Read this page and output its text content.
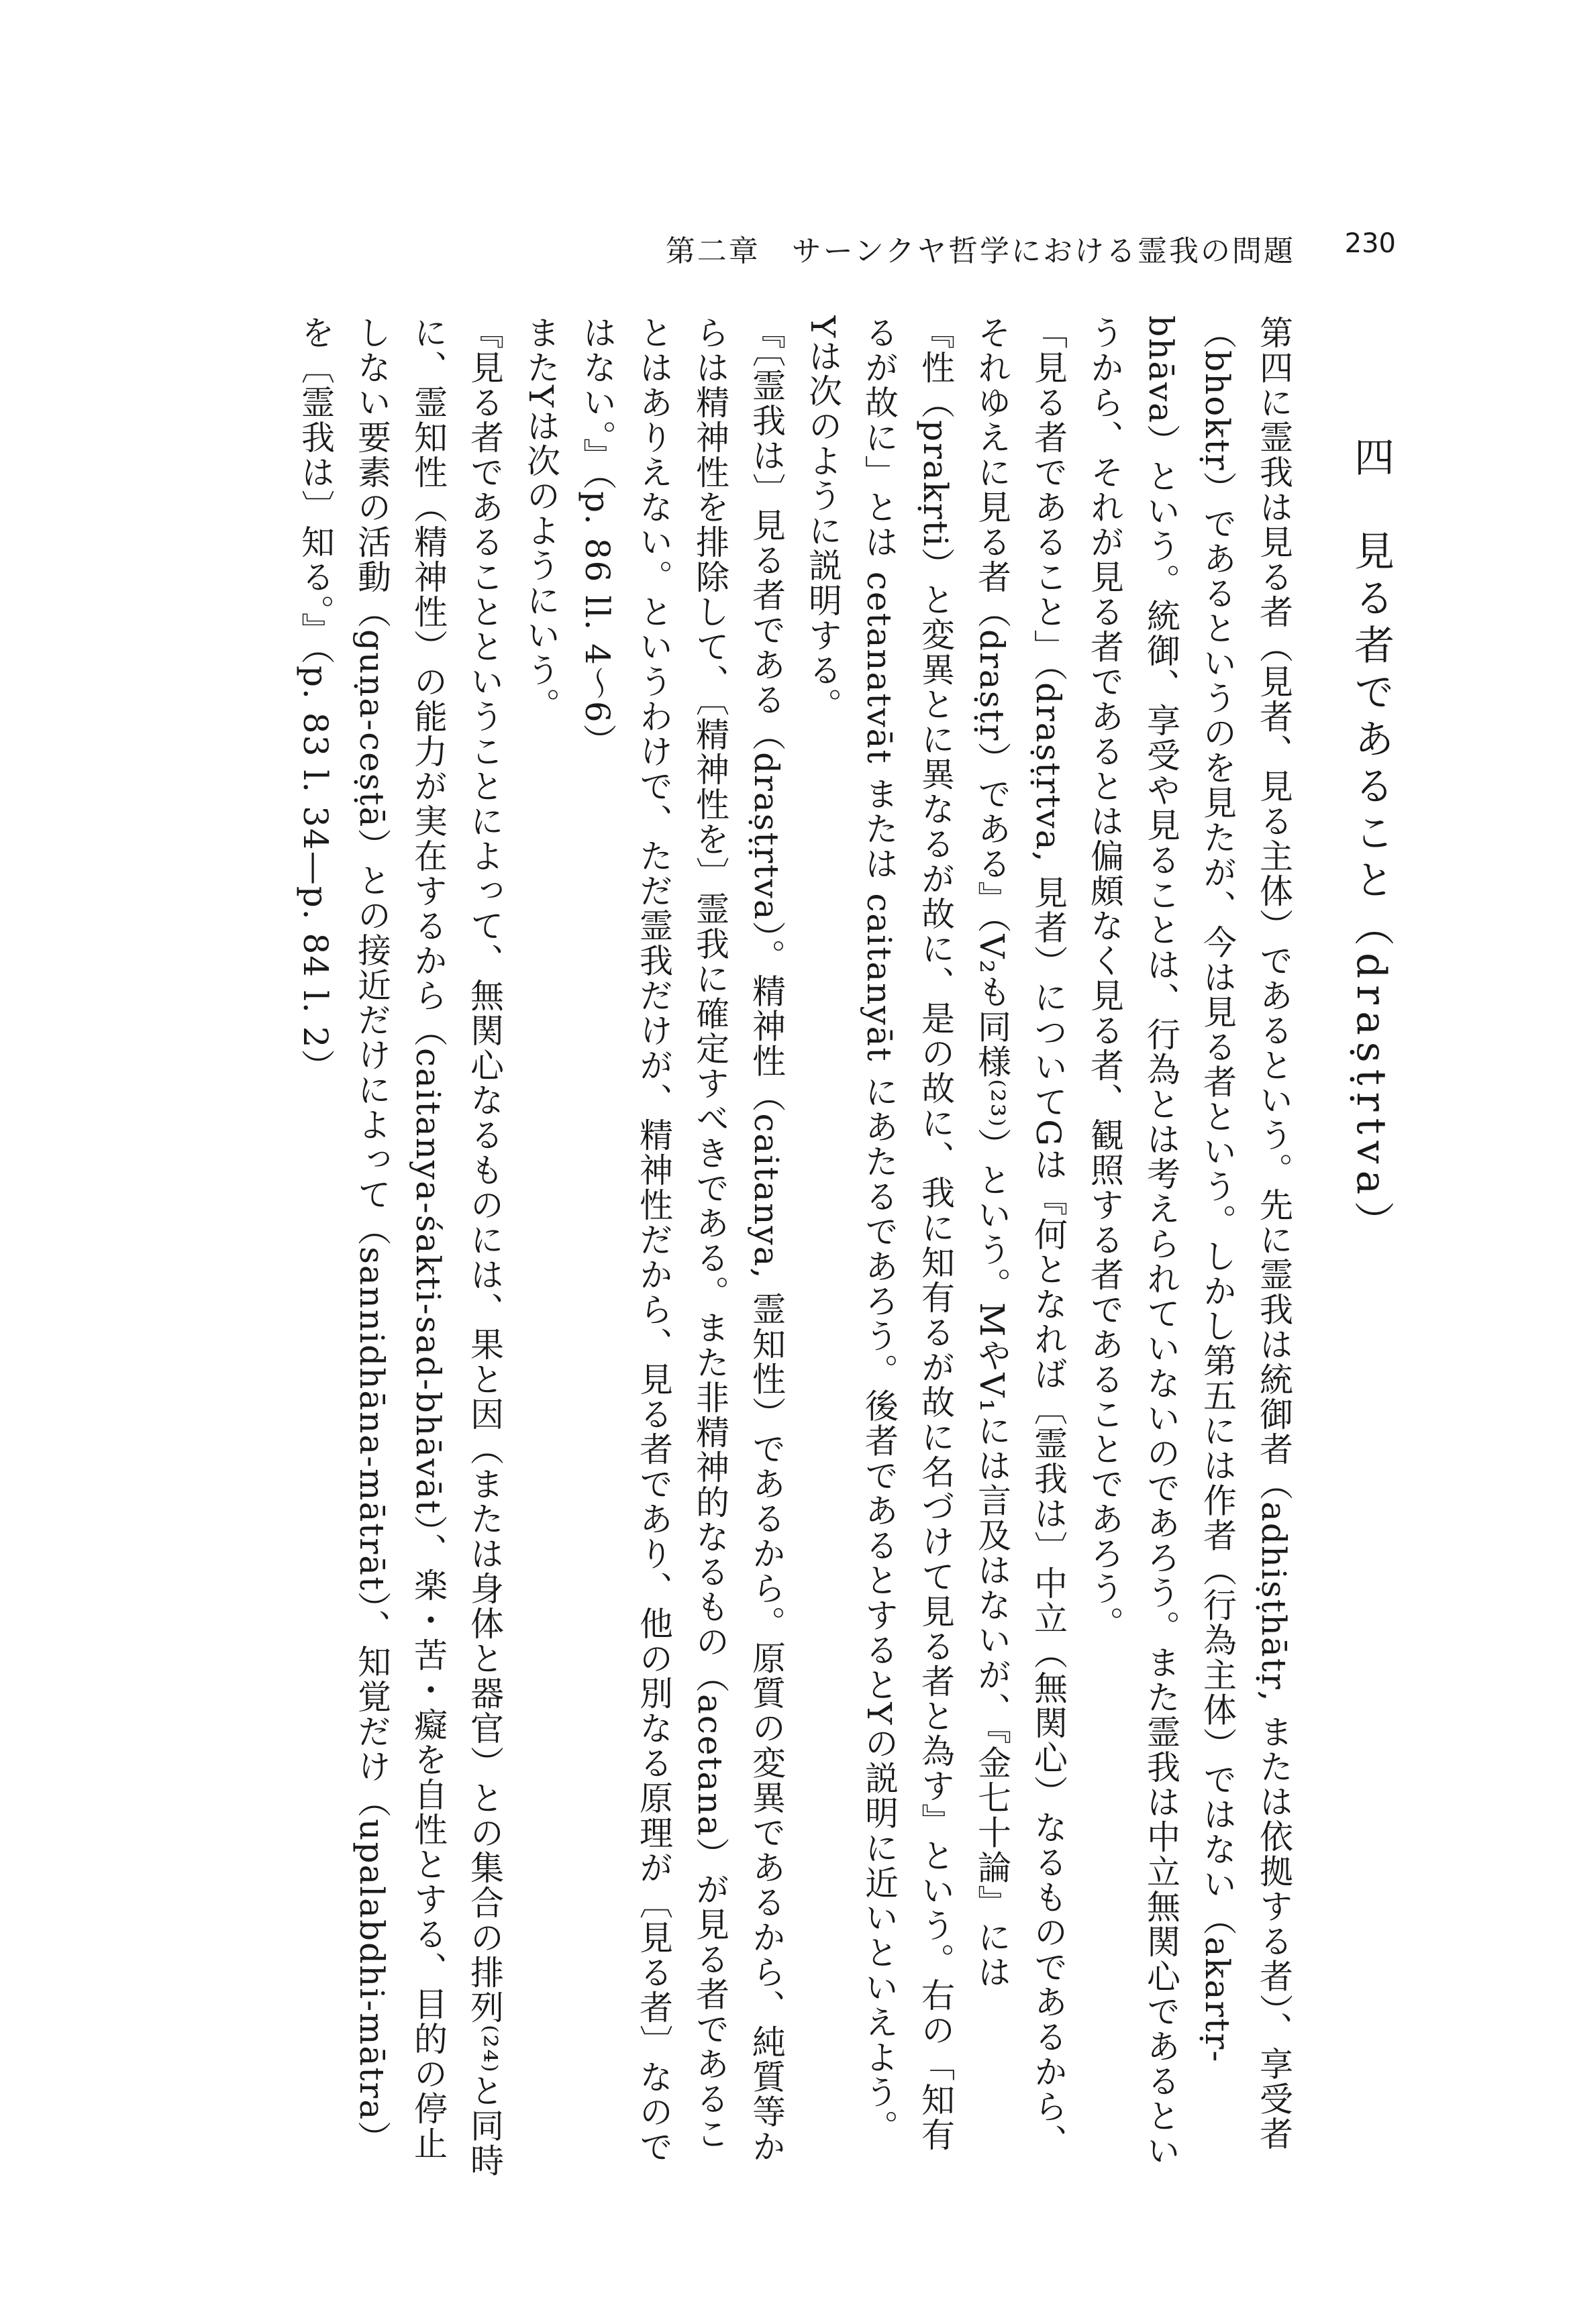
第二章　サーンクヤ哲学における霊我の問題 230

四　見る者であること（draṣṭṛtva）

第四に霊我は見る者（見者、見る主体）であるという。先に霊我は統御者（adhiṣṭhātṛ, または依拠する者）、享受者（bhoktṛ）であるというのを見たが、今は見る者という。しかし第五には作者（行為主体）ではない（akartṛ-bhāva）という。統御、享受や見ることは、行為とは考えられていないのであろう。また霊我は中立無関心であるというから、それが見る者であるとは偏頗なく見る者、観照する者であることであろう。

「見る者であること」（draṣṭṛtva, 見者）についてGは『何となれば〔霊我は〕中立（無関心）なるものであるから、それゆえに見る者（draṣṭṛ）である』（V₂も同様⁽²³⁾）という。MやV₁には言及はないが、『金七十論』には

『性（prakṛti）と変異とに異なるが故に、是の故に、我に知有るが故に名づけて見る者と為す』という。右の「知有るが故に」とは cetanatvāt または caitanyāt にあたるであろう。後者であるとするとYの説明に近いといえよう。

Yは次のように説明する。

『〔霊我は〕見る者である（draṣṭṛtva）。精神性（caitanya, 霊知性）であるから。原質の変異であるから、純質等からは精神性を排除して、〔精神性を〕霊我に確定すべきである。また非精神的なるもの（acetana）が見る者であることはありえない。というわけで、ただ霊我だけが、精神性だから、見る者であり、他の別なる原理が〔見る者〕なのではない。』（p. 86 ll. 4〜6）

またYは次のようにいう。

『見る者であることということによって、無関心なるものには、果と因（または身体と器官）との集合の排列⁽²⁴⁾と同時に、霊知性（精神性）の能力が実在するから（caitanya-śakti-sad-bhāvāt）、楽・苦・癡を自性とする、目的の停止しない要素の活動（guṇa-ceṣṭā）との接近だけによって（sannidhāna-mātrāt）、知覚だけ（upalabdhi-mātra）を〔霊我は〕知る。』（p. 83 l. 34—p. 84 l. 2）
